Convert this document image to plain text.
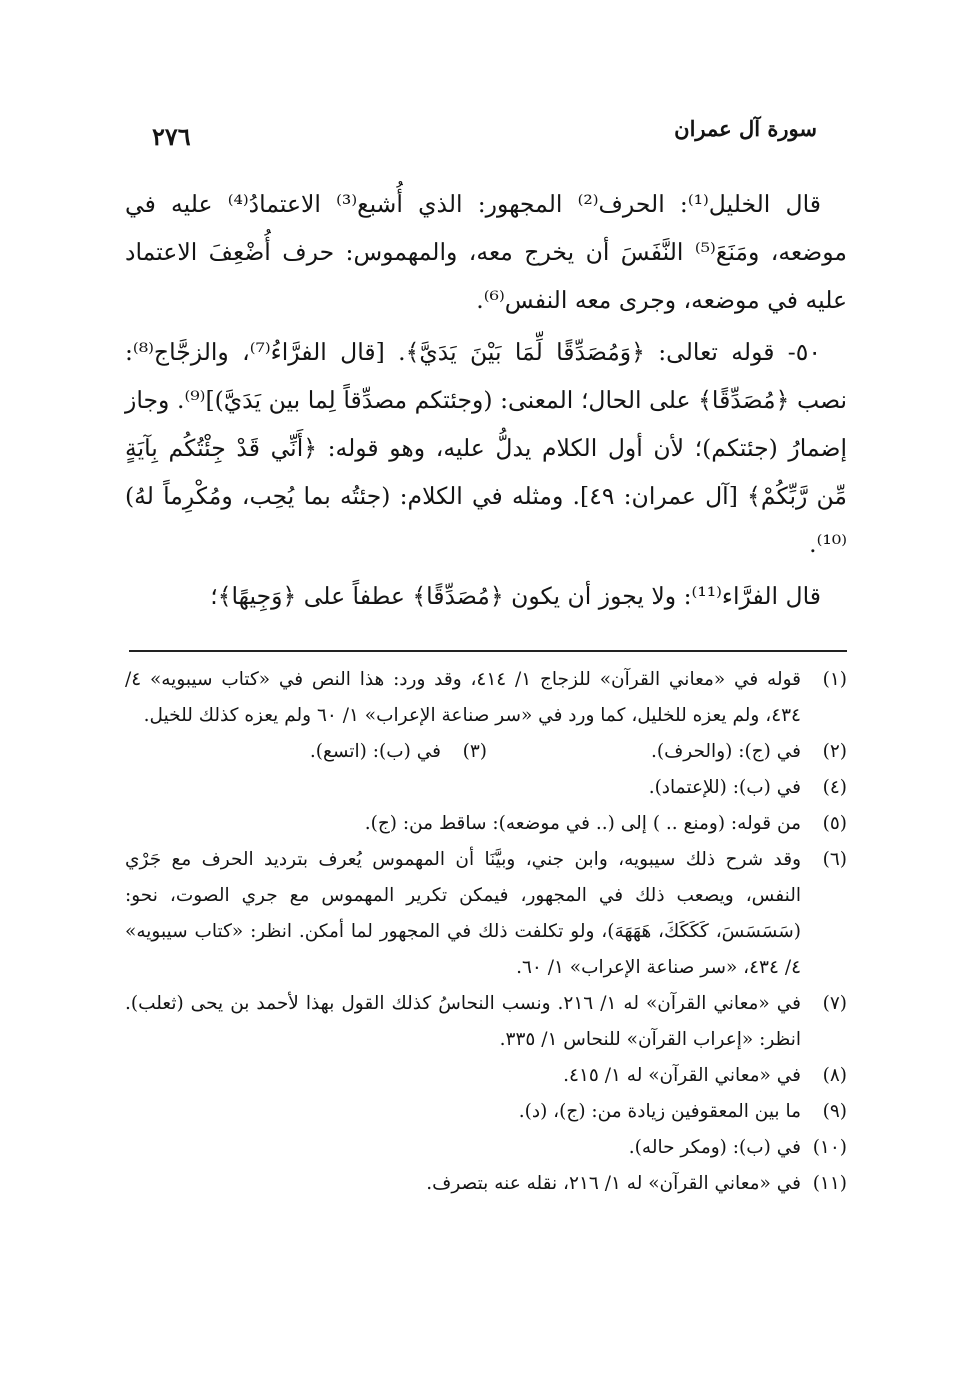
سورة آل عمران
٢٧٦

قال الخليل⁽¹⁾: الحرف⁽²⁾ المجهور: الذي أُشبع⁽³⁾ الاعتمادُ⁽⁴⁾ عليه في موضعه، ومَنَعَ⁽⁵⁾ النَّفَسَ أن يخرج معه، والمهموس: حرف أُضْعِفَ الاعتماد عليه في موضعه، وجرى معه النفس⁽⁶⁾.

٥٠- قوله تعالى: ﴿وَمُصَدِّقًا لِّمَا بَيْنَ يَدَيَّ﴾. [قال الفرَّاءُ⁽⁷⁾، والزجَّاج⁽⁸⁾: نصب ﴿مُصَدِّقًا﴾ على الحال؛ المعنى: (وجئتكم مصدِّقاً لِما بين يَدَيَّ)]⁽⁹⁾. وجاز إضمارُ (جئتكم)؛ لأن أول الكلام يدلُّ عليه، وهو قوله: ﴿أَنِّي قَدْ جِئْتُكُم بِآيَةٍ مِّن رَّبِّكُمْ﴾ [آل عمران: ٤٩]. ومثله في الكلام: (جئتُه بما يُحِب، ومُكْرِماً لهُ)⁽¹⁰⁾.

قال الفرَّاء⁽¹¹⁾: ولا يجوز أن يكون ﴿مُصَدِّقًا﴾ عطفاً على ﴿وَجِيهًا﴾؛

(١)
قوله في «معاني القرآن» للزجاج ١/ ٤١٤، وقد ورد: هذا النص في «كتاب سيبويه» ٤/ ٤٣٤، ولم يعزه للخليل، كما ورد في «سر صناعة الإعراب» ١/ ٦٠ ولم يعزه كذلك للخيل.
(٢)
في (ج): (والحرف).
(٣)
في (ب): (اتسع).
(٤)
في (ب): (للإعتماد).
(٥)
من قوله: (ومنع .. ) إلى (.. في موضعه): ساقط من: (ج).
(٦)
وقد شرح ذلك سيبويه، وابن جني، وبيَّنَا أن المهموس يُعرف بترديد الحرف مع جَرْي النفس، ويصعب ذلك في المجهور، فيمكن تكرير المهموس مع جري الصوت، نحو: (سَسَسَسَ، كَكَكَكَ، هَهَهَهَ)، ولو تكلفت ذلك في المجهور لما أمكن. انظر: «كتاب سيبويه» ٤/ ٤٣٤، «سر صناعة الإعراب» ١/ ٦٠.
(٧)
في «معاني القرآن» له ١/ ٢١٦. ونسب النحاسُ كذلك القول بهذا لأحمد بن يحى (ثعلب). انظر: «إعراب القرآن» للنحاس ١/ ٣٣٥.
(٨)
في «معاني القرآن» له ١/ ٤١٥.
(٩)
ما بين المعقوفين زيادة من: (ج)، (د).
(١٠)
في (ب): (ومكر حاله).
(١١)
في «معاني القرآن» له ١/ ٢١٦، نقله عنه بتصرف.
